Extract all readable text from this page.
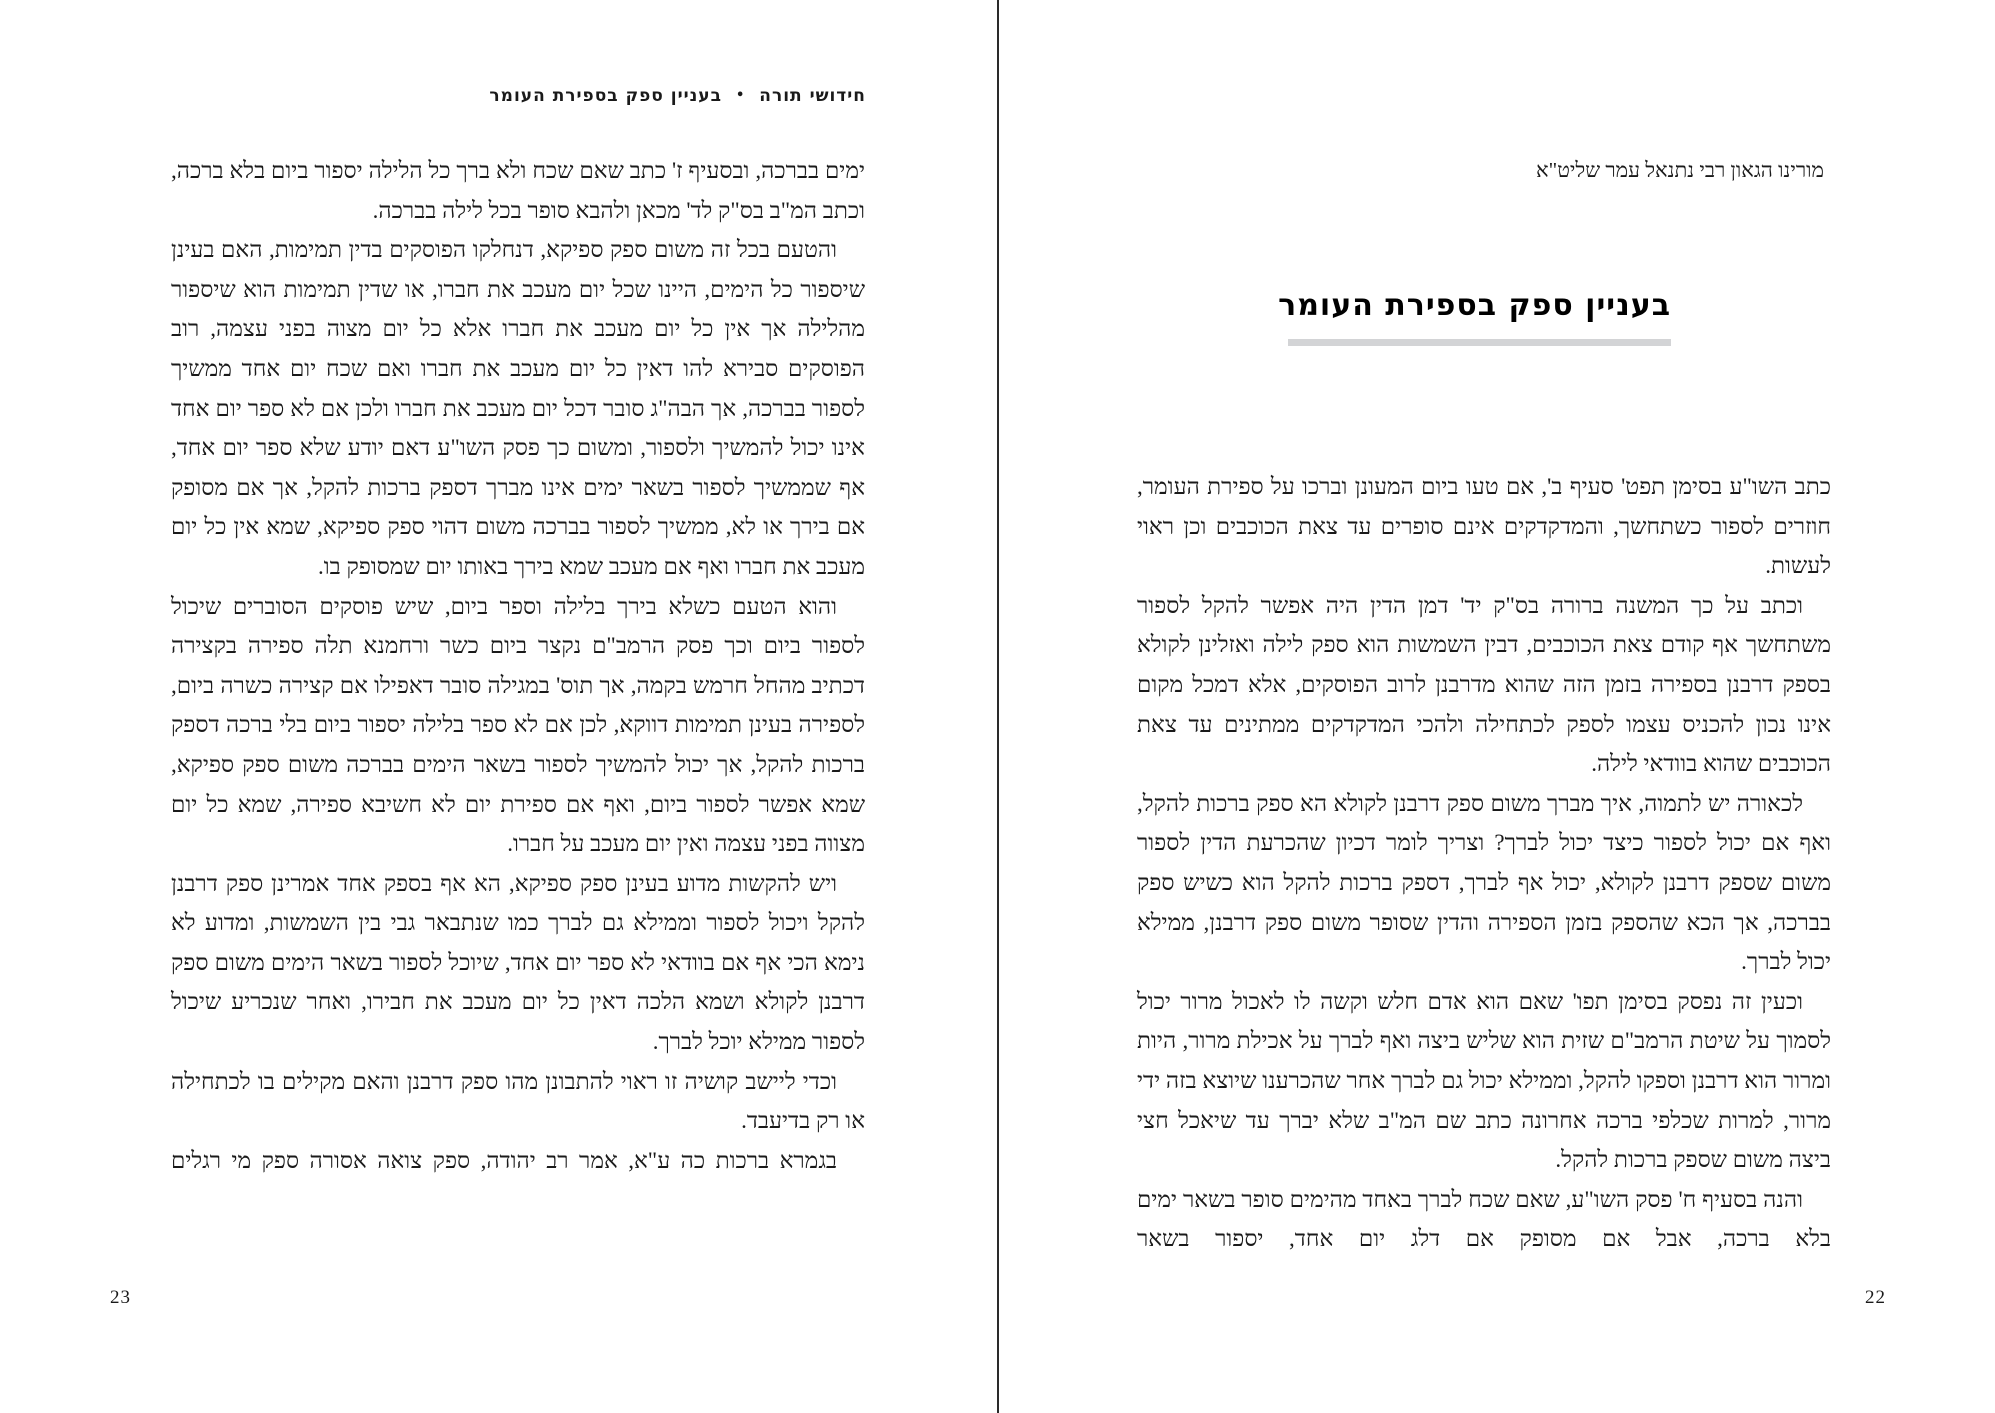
חידושי תורה•בעניין ספק בספירת העומר

ימים בברכה, ובסעיף ז' כתב שאם שכח ולא ברך כל הלילה יספור ביום בלא ברכה, וכתב המ"ב בס"ק לד' מכאן ולהבא סופר בכל לילה בברכה.

והטעם בכל זה משום ספק ספיקא, דנחלקו הפוסקים בדין תמימות, האם בעינן שיספור כל הימים, היינו שכל יום מעכב את חברו, או שדין תמימות הוא שיספור מהלילה אך אין כל יום מעכב את חברו אלא כל יום מצוה בפני עצמה, רוב הפוסקים סבירא להו דאין כל יום מעכב את חברו ואם שכח יום אחד ממשיך לספור בברכה, אך הבה"ג סובר דכל יום מעכב את חברו ולכן אם לא ספר יום אחד אינו יכול להמשיך ולספור, ומשום כך פסק השו"ע דאם יודע שלא ספר יום אחד, אף שממשיך לספור בשאר ימים אינו מברך דספק ברכות להקל, אך אם מסופק אם בירך או לא, ממשיך לספור בברכה משום דהוי ספק ספיקא, שמא אין כל יום מעכב את חברו ואף אם מעכב שמא בירך באותו יום שמסופק בו.

והוא הטעם כשלא בירך בלילה וספר ביום, שיש פוסקים הסוברים שיכול לספור ביום וכך פסק הרמב"ם נקצר ביום כשר ורחמנא תלה ספירה בקצירה דכתיב מהחל חרמש בקמה, אך תוס' במגילה סובר דאפילו אם קצירה כשרה ביום, לספירה בעינן תמימות דווקא, לכן אם לא ספר בלילה יספור ביום בלי ברכה דספק ברכות להקל, אך יכול להמשיך לספור בשאר הימים בברכה משום ספק ספיקא, שמא אפשר לספור ביום, ואף אם ספירת יום לא חשיבא ספירה, שמא כל יום מצווה בפני עצמה ואין יום מעכב על חברו.

ויש להקשות מדוע בעינן ספק ספיקא, הא אף בספק אחד אמרינן ספק דרבנן להקל ויכול לספור וממילא גם לברך כמו שנתבאר גבי בין השמשות, ומדוע לא נימא הכי אף אם בוודאי לא ספר יום אחד, שיוכל לספור בשאר הימים משום ספק דרבנן לקולא ושמא הלכה דאין כל יום מעכב את חבירו, ואחר שנכריע שיכול לספור ממילא יוכל לברך.

וכדי ליישב קושיה זו ראוי להתבונן מהו ספק דרבנן והאם מקילים בו לכתחילה או רק בדיעבד.

בגמרא ברכות כה ע"א, אמר רב יהודה, ספק צואה אסורה ספק מי רגלים

23
מורינו הגאון רבי נתנאל עמר שליט"א
בעניין ספק בספירת העומר

כתב השו"ע בסימן תפט' סעיף ב', אם טעו ביום המעונן וברכו על ספירת העומר, חוזרים לספור כשתחשך, והמדקדקים אינם סופרים עד צאת הכוכבים וכן ראוי לעשות.

וכתב על כך המשנה ברורה בס"ק יד' דמן הדין היה אפשר להקל לספור משתחשך אף קודם צאת הכוכבים, דבין השמשות הוא ספק לילה ואזלינן לקולא בספק דרבנן בספירה בזמן הזה שהוא מדרבנן לרוב הפוסקים, אלא דמכל מקום אינו נכון להכניס עצמו לספק לכתחילה ולהכי המדקדקים ממתינים עד צאת הכוכבים שהוא בוודאי לילה.

לכאורה יש לתמוה, איך מברך משום ספק דרבנן לקולא הא ספק ברכות להקל, ואף אם יכול לספור כיצד יכול לברך? וצריך לומר דכיון שהכרעת הדין לספור משום שספק דרבנן לקולא, יכול אף לברך, דספק ברכות להקל הוא כשיש ספק בברכה, אך הכא שהספק בזמן הספירה והדין שסופר משום ספק דרבנן, ממילא יכול לברך.

וכעין זה נפסק בסימן תפו' שאם הוא אדם חלש וקשה לו לאכול מרור יכול לסמוך על שיטת הרמב"ם שזית הוא שליש ביצה ואף לברך על אכילת מרור, היות ומרור הוא דרבנן וספקו להקל, וממילא יכול גם לברך אחר שהכרענו שיוצא בזה ידי מרור, למרות שכלפי ברכה אחרונה כתב שם המ"ב שלא יברך עד שיאכל חצי ביצה משום שספק ברכות להקל.

והנה בסעיף ח' פסק השו"ע, שאם שכח לברך באחד מהימים סופר בשאר ימים בלא ברכה, אבל אם מסופק אם דלג יום אחד, יספור בשאר

22
